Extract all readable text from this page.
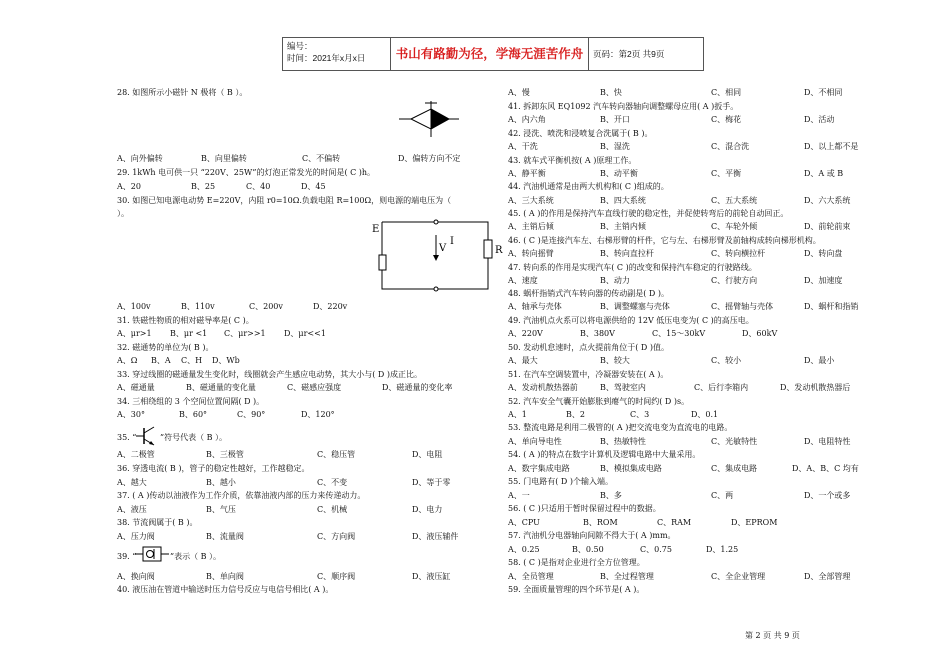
编号：
时间：2021年x月x日	书山有路勤为径，学海无涯苦作舟	页码：第2页 共9页
28. 如图所示小磁针 N 极将（ B ）。
A、向外偏转	B、向里偏转	C、不偏转	D、偏转方向不定
29. 1kWh 电可供一只 “220V、25W”的灯泡正常发光的时间是( C )h。
A、20	B、25	C、40	D、45
30. 如图已知电源电动势 E=220V，内阻 r0=10Ω.负载电阻 R=100Ω，则电源的端电压为（
）。
E
I
V	R
A、100v	B、110v	C、200v	D、220v
31. 铁磁性物质的相对磁导率是( C )。
A、μr>1 B、μr <1 C、μr>>1 D、μr<<1
32. 磁通势的单位为( B )。
A、Ω B、A C、H D、Wb
33. 穿过线圈的磁通量发生变化时，线圈就会产生感应电动势，其大小与( D )成正比。
A、磁通量	B、磁通量的变化量	C、磁感应强度	D、磁通量的变化率
34. 三相绕组的 3 个空间位置间隔( D )。
A、30°	B、60°	C、90°	D、120°
35. “	”符号代表（ B ）。
A、二极管	B、三极管	C、稳压管	D、电阻
36. 穿透电流( B )，管子的稳定性越好，工作越稳定。
A、越大	B、越小	C、不变	D、等于零
37. ( A )传动以油液作为工作介质，依靠油液内部的压力来传递动力。
A、液压	B、气压	C、机械	D、电力
38. 节流阀属于( B )。
A、压力阀	B、流量阀	C、方向阀	D、液压辅件
39. “	”表示（ B ）。
A、换向阀	B、单向阀	C、顺序阀	D、液压缸
40. 液压油在管道中输送时压力信号反应与电信号相比( A )。
A、慢	B、快	C、相同	D、不相同
41. 拆卸东风 EQ1092 汽车转向器轴向调整螺母应用( A )扳手。
A、内六角	B、开口	C、梅花	D、活动
42. 浸洗、喷洗和浸喷复合洗属于( B )。
A、干洗	B、湿洗	C、混合洗	D、以上都不是
43. 就车式平衡机按( A )原理工作。
A、静平衡	B、动平衡	C、平衡	D、A 或 B
44. 汽油机通常是由两大机构和( C )组成的。
A、三大系统	B、四大系统	C、五大系统	D、六大系统
45. ( A )的作用是保持汽车直线行驶的稳定性，并促使转弯后的前轮自动回正。
A、主销后倾	B、主销内倾	C、车轮外倾	D、前轮前束
46. ( C )是连接汽车左、右梯形臂的杆件，它与左、右梯形臂及前轴构成转向梯形机构。
A、转向摇臂	B、转向直拉杆	C、转向横拉杆	D、转向盘
47. 转向系的作用是实现汽车( C )的改变和保持汽车稳定的行驶路线。
A、速度	B、动力	C、行驶方向	D、加速度
48. 蜗杆指销式汽车转向器的传动副是( D )。
A、轴承与壳体	B、调整螺塞与壳体	C、摇臂轴与壳体	D、蜗杆和指销
49. 汽油机点火系可以将电源供给的 12V 低压电变为( C )的高压电。
A、220V	B、380V	C、15～30kV	D、60kV
50. 发动机怠速时，点火提前角位于( D )值。
A、最大	B、较大	C、较小	D、最小
51. 在汽车空调装置中，冷凝器安装在( A )。
A、发动机散热器前	B、驾驶室内	C、后行李箱内	D、发动机散热器后
52. 汽车安全气囊开始膨胀到瘪气的时间约( D )s。
A、1	B、2	C、3	D、0.1
53. 整流电路是利用二极管的( A )把交流电变为直流电的电路。
A、单向导电性	B、热敏特性	C、光敏特性	D、电阻特性
54. ( A )的特点在数字计算机及逻辑电路中大量采用。
A、数字集成电路	B、模拟集成电路	C、集成电路	D、A、B、C 均有
55. 门电路有( D )个输入端。
A、一	B、多	C、两	D、一个或多
56. ( C )只适用于暂时保留过程中的数据。
A、CPU	B、ROM	C、RAM	D、EPROM
57. 汽油机分电器轴向间隙不得大于( A )mm。
A、0.25	B、0.50	C、0.75	D、1.25
58. ( C )是指对企业进行全方位管理。
A、全员管理	B、全过程管理	C、全企业管理	D、全部管理
59. 全面质量管理的四个环节是( A )。
第 2 页 共 9 页
